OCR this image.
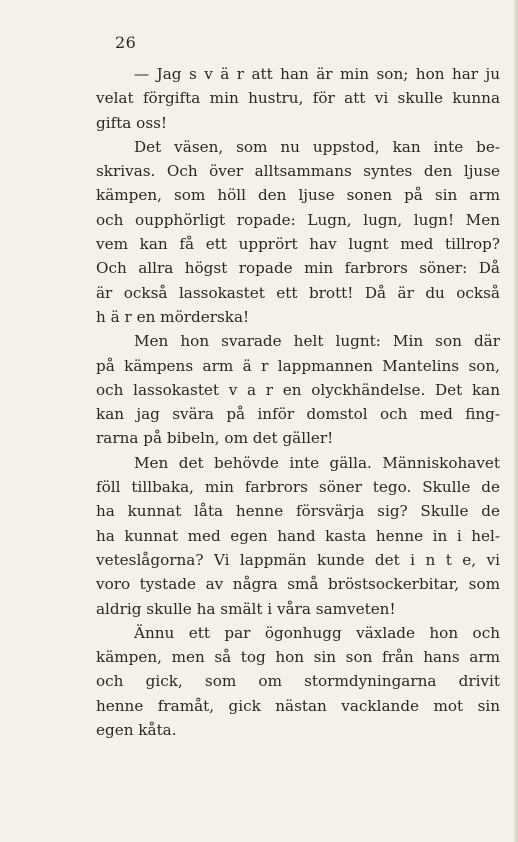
26
— Jag s v ä r att han är min son; hon har ju
velat förgifta min hustru, för att vi skulle kunna
gifta oss!
Det väsen, som nu uppstod, kan inte be-
skrivas. Och över alltsammans syntes den ljuse
kämpen, som höll den ljuse sonen på sin arm
och oupphörligt ropade: Lugn, lugn, lugn! Men
vem kan få ett upprört hav lugnt med tillrop?
Och allra högst ropade min farbrors söner: Då
är också lassokastet ett brott! Då är du också
h ä r en mörderska!
Men hon svarade helt lugnt: Min son där
på kämpens arm ä r lappmannen Mantelins son,
och lassokastet v a r en olyckhändelse. Det kan
kan jag svära på inför domstol och med fing-
rarna på bibeln, om det gäller!
Men det behövde inte gälla. Människohavet
föll tillbaka, min farbrors söner tego. Skulle de
ha kunnat låta henne försvärja sig? Skulle de
ha kunnat med egen hand kasta henne in i hel-
veteslågorna? Vi lappmän kunde det i n t e, vi
voro tystade av några små bröstsockerbitar, som
aldrig skulle ha smält i våra samveten!
Ännu ett par ögonhugg växlade hon och
kämpen, men så tog hon sin son från hans arm
och gick, som om stormdyningarna drivit
henne framåt, gick nästan vacklande mot sin
egen kåta.
